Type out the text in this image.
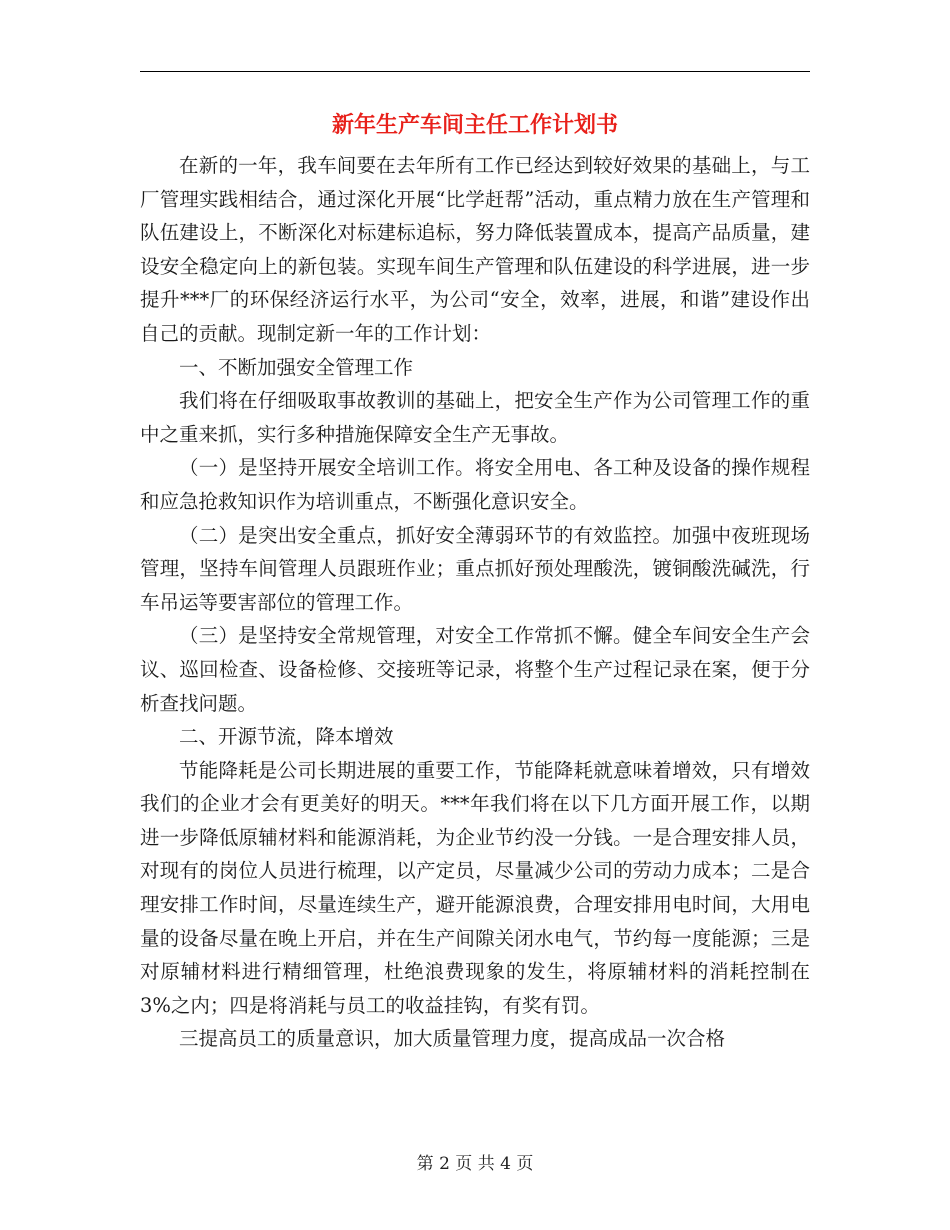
新年生产车间主任工作计划书

在新的一年，我车间要在去年所有工作已经达到较好效果的基础上，与工厂管理实践相结合，通过深化开展“比学赶帮”活动，重点精力放在生产管理和队伍建设上，不断深化对标建标追标，努力降低装置成本，提高产品质量，建设安全稳定向上的新包装。实现车间生产管理和队伍建设的科学进展，进一步提升***厂的环保经济运行水平，为公司“安全，效率，进展，和谐”建设作出自己的贡献。现制定新一年的工作计划：

一、不断加强安全管理工作

我们将在仔细吸取事故教训的基础上，把安全生产作为公司管理工作的重中之重来抓，实行多种措施保障安全生产无事故。

（一）是坚持开展安全培训工作。将安全用电、各工种及设备的操作规程和应急抢救知识作为培训重点，不断强化意识安全。

（二）是突出安全重点，抓好安全薄弱环节的有效监控。加强中夜班现场管理，坚持车间管理人员跟班作业；重点抓好预处理酸洗，镀铜酸洗碱洗，行车吊运等要害部位的管理工作。

（三）是坚持安全常规管理，对安全工作常抓不懈。健全车间安全生产会议、巡回检查、设备检修、交接班等记录，将整个生产过程记录在案，便于分析查找问题。

二、开源节流，降本增效

节能降耗是公司长期进展的重要工作，节能降耗就意味着增效，只有增效我们的企业才会有更美好的明天。***年我们将在以下几方面开展工作，以期进一步降低原辅材料和能源消耗，为企业节约没一分钱。一是合理安排人员，对现有的岗位人员进行梳理，以产定员，尽量减少公司的劳动力成本；二是合理安排工作时间，尽量连续生产，避开能源浪费，合理安排用电时间，大用电量的设备尽量在晚上开启，并在生产间隙关闭水电气，节约每一度能源；三是对原辅材料进行精细管理，杜绝浪费现象的发生，将原辅材料的消耗控制在3%之内；四是将消耗与员工的收益挂钩，有奖有罚。

三提高员工的质量意识，加大质量管理力度，提高成品一次合格

第 2 页 共 4 页
